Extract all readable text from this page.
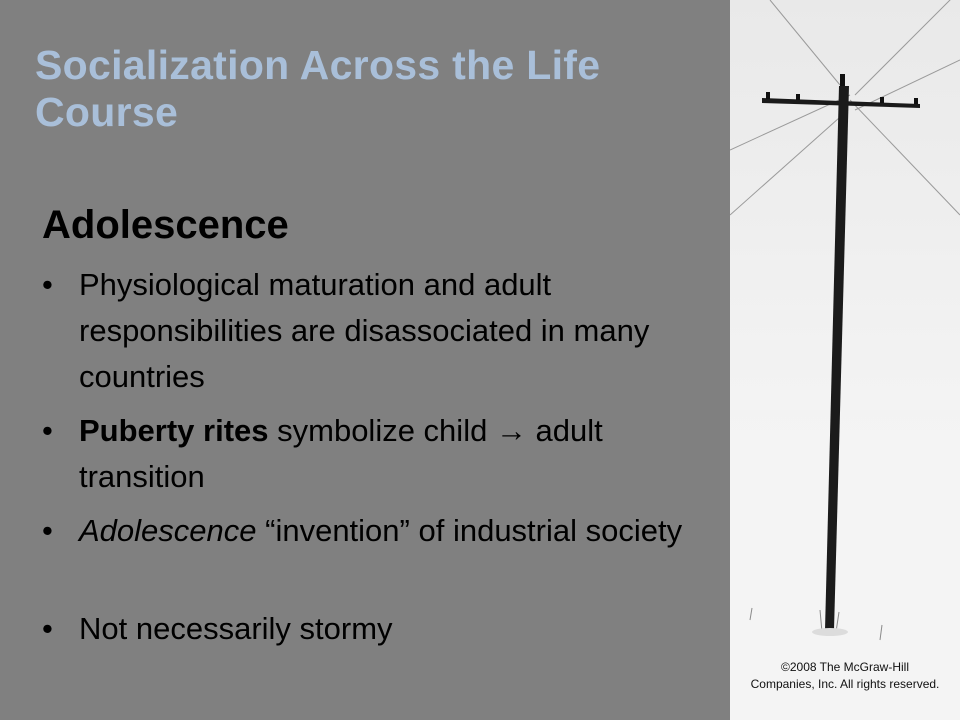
Socialization Across the Life Course
Adolescence
• Physiological maturation and adult responsibilities are disassociated in many countries
• Puberty rites symbolize child → adult transition
• Adolescence “invention” of industrial society
• Not necessarily stormy
©2008 The McGraw-Hill
Companies, Inc. All rights reserved.
